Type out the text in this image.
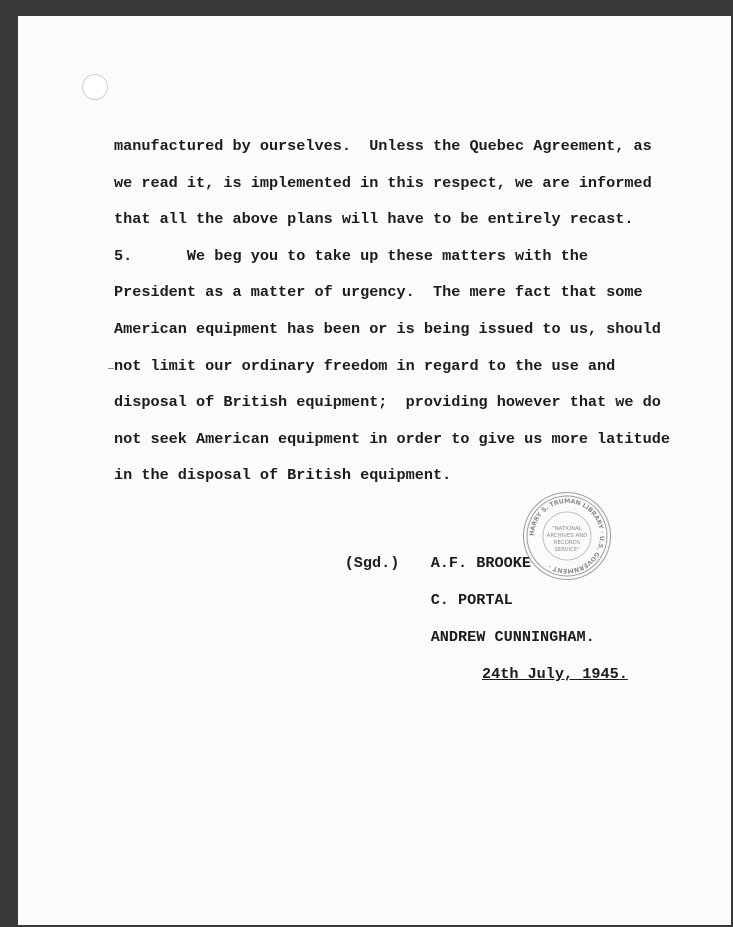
manufactured by ourselves.  Unless the Quebec Agreement, as
we read it, is implemented in this respect, we are informed
that all the above plans will have to be entirely recast.
5.      We beg you to take up these matters with the
President as a matter of urgency.  The mere fact that some
American equipment has been or is being issued to us, should
not limit our ordinary freedom in regard to the use and
disposal of British equipment;  providing however that we do
not seek American equipment in order to give us more latitude
in the disposal of British equipment.

(Sgd.) A.F. BROOKE

C. PORTAL

ANDREW CUNNINGHAM.

HARRY S. TRUMAN LIBRARY · U.S. GOVERNMENT ·
"NATIONAL
ARCHIVES AND
RECORDS
SERVICE"
24th July, 1945.
